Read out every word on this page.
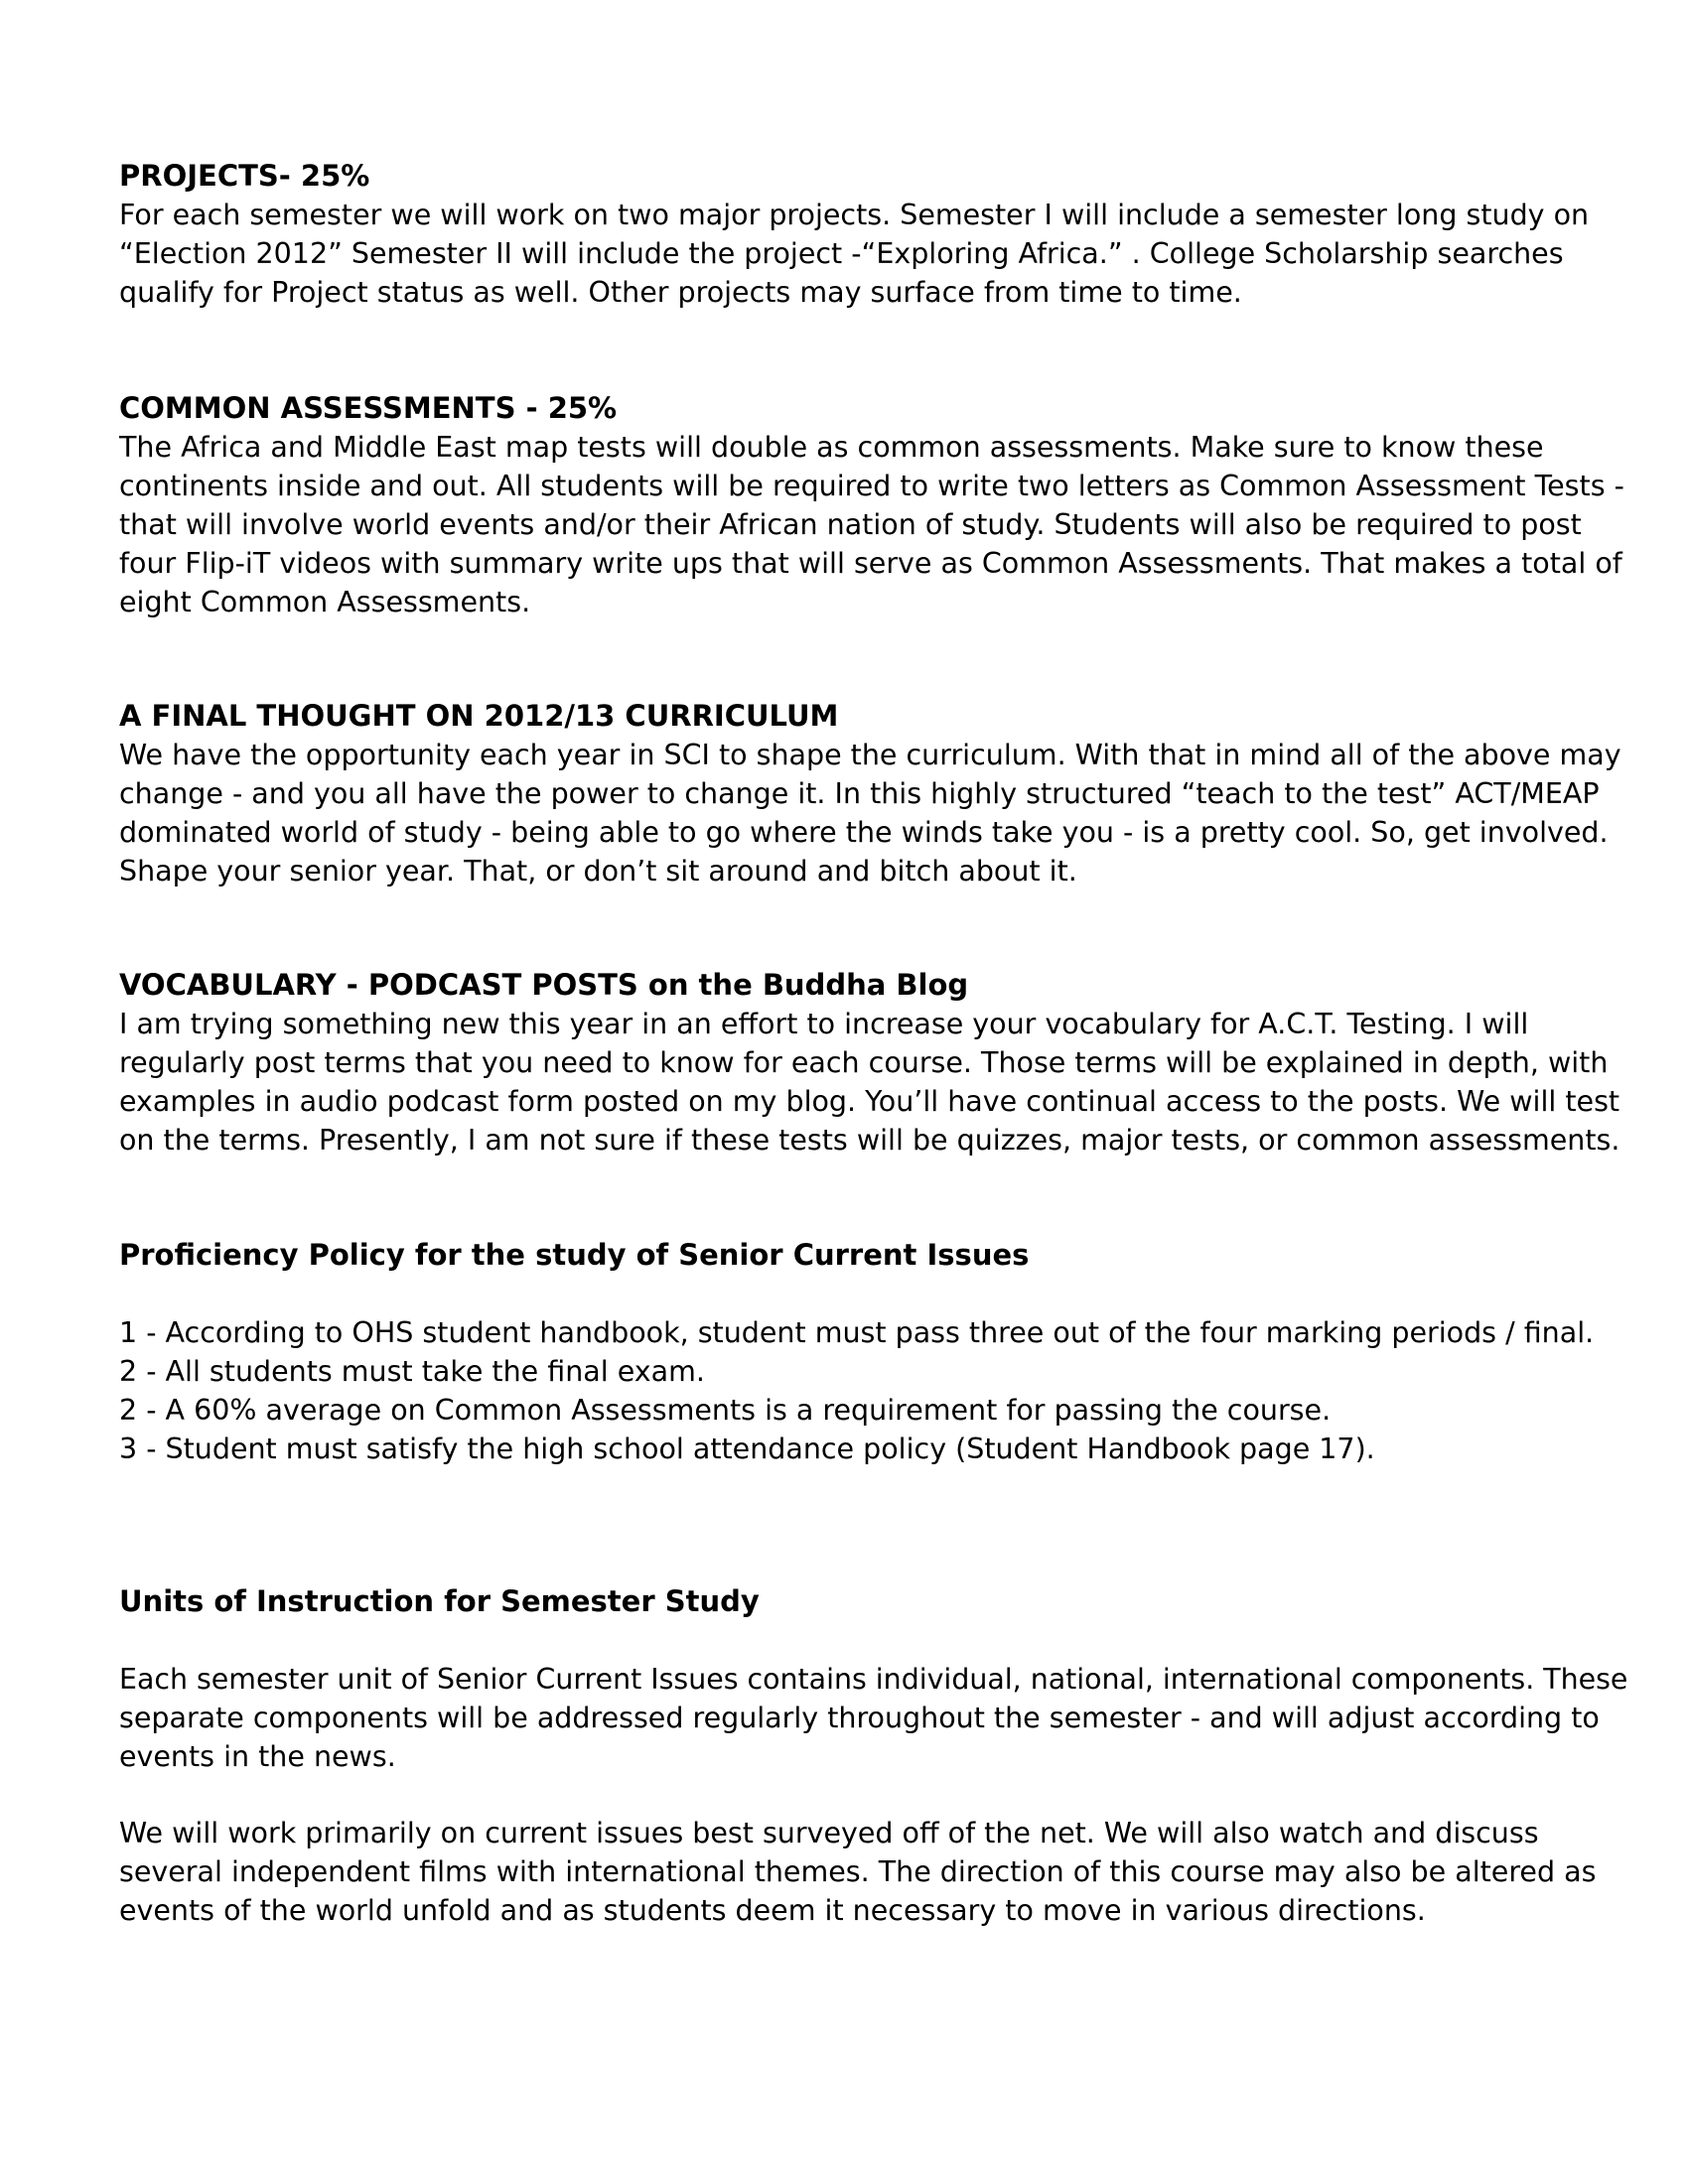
PROJECTS- 25%
For each semester we will work on two major projects. Semester I will include a semester long study on
“Election 2012” Semester II will include the project -“Exploring Africa.” . College Scholarship searches
qualify for Project status as well. Other projects may surface from time to time.
COMMON ASSESSMENTS - 25%
The Africa and Middle East map tests will double as common assessments. Make sure to know these
continents inside and out. All students will be required to write two letters as Common Assessment Tests -
that will involve world events and/or their African nation of study. Students will also be required to post
four Flip-iT videos with summary write ups that will serve as Common Assessments. That makes a total of
eight Common Assessments.
A FINAL THOUGHT ON 2012/13 CURRICULUM
We have the opportunity each year in SCI to shape the curriculum. With that in mind all of the above may
change - and you all have the power to change it. In this highly structured “teach to the test” ACT/MEAP
dominated world of study - being able to go where the winds take you - is a pretty cool. So, get involved.
Shape your senior year. That, or don’t sit around and bitch about it.
VOCABULARY - PODCAST POSTS on the Buddha Blog
I am trying something new this year in an effort to increase your vocabulary for A.C.T. Testing. I will
regularly post terms that you need to know for each course. Those terms will be explained in depth, with
examples in audio podcast form posted on my blog. You’ll have continual access to the posts. We will test
on the terms. Presently, I am not sure if these tests will be quizzes, major tests, or common assessments.
Proficiency Policy for the study of Senior Current Issues
1 - According to OHS student handbook, student must pass three out of the four marking periods / final.
2 - All students must take the final exam.
2 - A 60% average on Common Assessments is a requirement for passing the course.
3 - Student must satisfy the high school attendance policy (Student Handbook page 17).
Units of Instruction for Semester Study
Each semester unit of Senior Current Issues contains individual, national, international components. These
separate components will be addressed regularly throughout the semester - and will adjust according to
events in the news.
We will work primarily on current issues best surveyed off of the net. We will also watch and discuss
several independent films with international themes. The direction of this course may also be altered as
events of the world unfold and as students deem it necessary to move in various directions.
